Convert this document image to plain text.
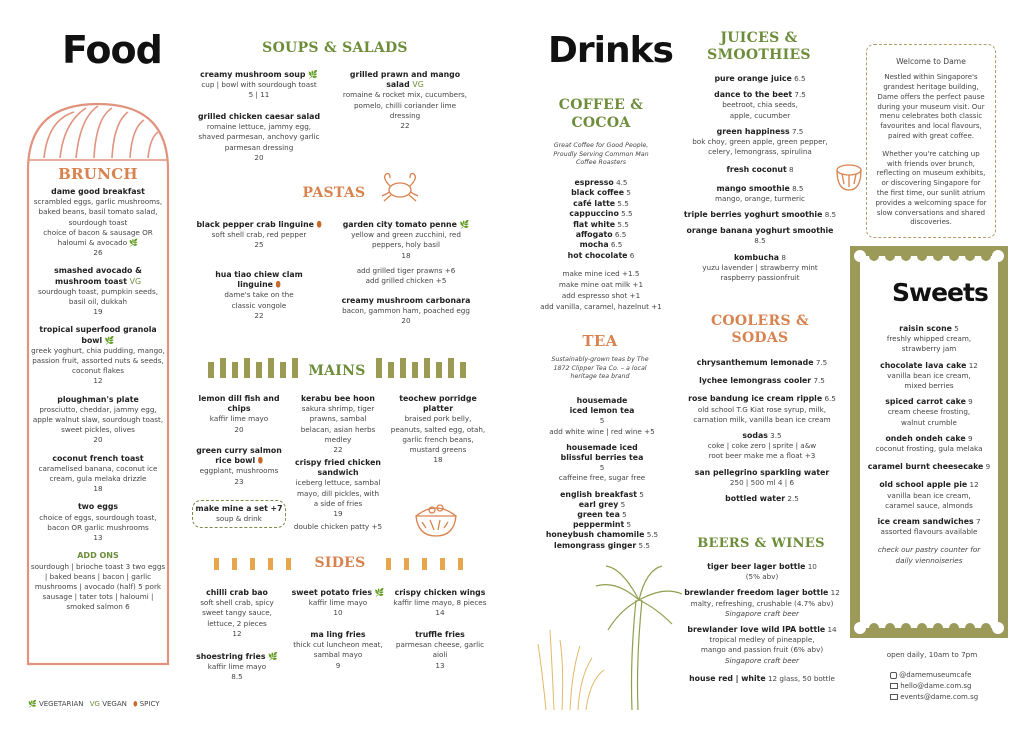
Food
BRUNCH
dame good breakfast
scrambled eggs, garlic mushrooms, baked beans, basil tomato salad, sourdough toast
choice of bacon & sausage OR haloumi & avocado 🌿
26
smashed avocado & mushroom toast VG
sourdough toast, pumpkin seeds, basil oil, dukkah
19
tropical superfood granola bowl 🌿
greek yoghurt, chia pudding, mango, passion fruit, assorted nuts & seeds, coconut flakes
12
ploughman's plate
prosciutto, cheddar, jammy egg, apple walnut slaw, sourdough toast, sweet pickles, olives
20
coconut french toast
caramelised banana, coconut ice cream, gula melaka drizzle
18
two eggs
choice of eggs, sourdough toast, bacon OR garlic mushrooms
13
ADD ONS
sourdough | brioche toast 3 two eggs | baked beans | bacon | garlic mushrooms | avocado (half) 5 pork sausage | tater tots | haloumi | smoked salmon 6
🌿 VEGETARIAN VG VEGAN ⬮ SPICY
SOUPS & SALADS
creamy mushroom soup 🌿
cup | bowl with sourdough toast
5 | 11
grilled prawn and mango salad VG
romaine & rocket mix, cucumbers, pomelo, chilli coriander lime dressing
22
grilled chicken caesar salad
romaine lettuce, jammy egg, shaved parmesan, anchovy garlic parmesan dressing
20
PASTAS
black pepper crab linguine ⬮
soft shell crab, red pepper
25
garden city tomato penne 🌿
yellow and green zucchini, red peppers, holy basil
18
add grilled tiger prawns +6
add grilled chicken +5
hua tiao chiew clam linguine ⬮
dame's take on the classic vongole
22
creamy mushroom carbonara
bacon, gammon ham, poached egg
20
MAINS
lemon dill fish and chips
kaffir lime mayo
20
kerabu bee hoon
sakura shrimp, tiger prawns, sambal belacan, asian herbs medley
22
teochew porridge platter
braised pork belly, peanuts, salted egg, otah, garlic french beans, mustard greens
18
green curry salmon rice bowl ⬮
eggplant, mushrooms
23
crispy fried chicken sandwich
iceberg lettuce, sambal mayo, dill pickles, with a side of fries
19
double chicken patty +5
make mine a set +7
soup & drink
SIDES
chilli crab bao
soft shell crab, spicy sweet tangy sauce, lettuce, 2 pieces
12
sweet potato fries 🌿
kaffir lime mayo
10
crispy chicken wings
kaffir lime mayo, 8 pieces
14
ma ling fries
thick cut luncheon meat, sambal mayo
9
truffle fries
parmesan cheese, garlic aioli
13
shoestring fries 🌿
kaffir lime mayo
8.5
Drinks
COFFEE & COCOA
Great Coffee for Good People, Proudly Serving Common Man Coffee Roasters
espresso 4.5
black coffee 5
café latte 5.5
cappuccino 5.5
flat white 5.5
affogato 6.5
mocha 6.5
hot chocolate 6
make mine iced +1.5
make mine oat milk +1
add espresso shot +1
add vanilla, caramel, hazelnut +1
TEA
Sustainably-grown teas by The 1872 Clipper Tea Co. – a local heritage tea brand
housemade iced lemon tea
5
add white wine | red wine +5
housemade iced blissful berries tea
5
caffeine free, sugar free
english breakfast 5
earl grey 5
green tea 5
peppermint 5
honeybush chamomile 5.5
lemongrass ginger 5.5
JUICES & SMOOTHIES
pure orange juice 6.5
dance to the beet 7.5
beetroot, chia seeds, apple, cucumber
green happiness 7.5
bok choy, green apple, green pepper, celery, lemongrass, spirulina
fresh coconut 8
mango smoothie 8.5
mango, orange, turmeric
triple berries yoghurt smoothie 8.5
orange banana yoghurt smoothie 8.5
kombucha 8
yuzu lavender | strawberry mint raspberry passionfruit
COOLERS & SODAS
chrysanthemum lemonade 7.5
lychee lemongrass cooler 7.5
rose bandung ice cream ripple 6.5
old school T.G Kiat rose syrup, milk, carnation milk, vanilla bean ice cream
sodas 3.5
coke | coke zero | sprite | a&w root beer make me a float +3
san pellegrino sparkling water
250 | 500 ml 4 | 6
bottled water 2.5
BEERS & WINES
tiger beer lager bottle 10
(5% abv)
brewlander freedom lager bottle 12
malty, refreshing, crushable (4.7% abv)
Singapore craft beer
brewlander love wild IPA bottle 14
tropical medley of pineapple, mango and passion fruit (6% abv)
Singapore craft beer
house red | white 12 glass, 50 bottle
Welcome to Dame
Nestled within Singapore's grandest heritage building, Dame offers the perfect pause during your museum visit. Our menu celebrates both classic favourites and local flavours, paired with great coffee.
Whether you're catching up with friends over brunch, reflecting on museum exhibits, or discovering Singapore for the first time, our sunlit atrium provides a welcoming space for slow conversations and shared discoveries.
Sweets
raisin scone 5
freshly whipped cream, strawberry jam
chocolate lava cake 12
vanilla bean ice cream, mixed berries
spiced carrot cake 9
cream cheese frosting, walnut crumble
ondeh ondeh cake 9
coconut frosting, gula melaka
caramel burnt cheesecake 9
old school apple pie 12
vanilla bean ice cream, caramel sauce, almonds
ice cream sandwiches 7
assorted flavours available
check our pastry counter for daily viennoiseries
open daily, 10am to 7pm
@damemuseumcafe
hello@dame.com.sg
events@dame.com.sg
